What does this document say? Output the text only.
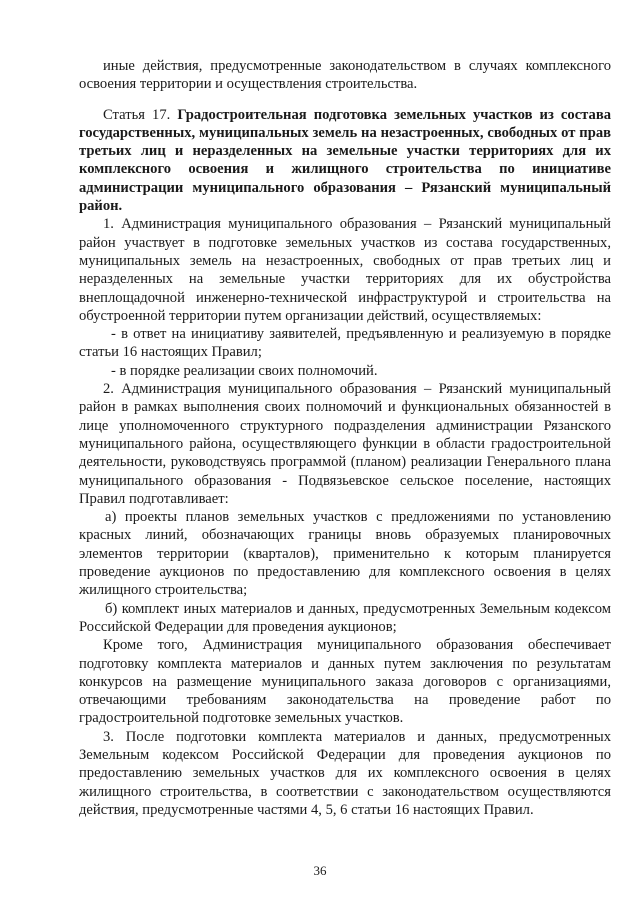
иные действия, предусмотренные законодательством в случаях комплексного освоения территории и осуществления строительства.

Статья 17. Градостроительная подготовка земельных участков из состава государственных, муниципальных земель на незастроенных, свободных от прав третьих лиц и неразделенных на земельные участки территориях для их комплексного освоения и жилищного строительства по инициативе администрации муниципального образования – Рязанский муниципальный район.

1. Администрация муниципального образования – Рязанский муниципальный район участвует в подготовке земельных участков из состава государственных, муниципальных земель на незастроенных, свободных от прав третьих лиц и неразделенных на земельные участки территориях для их обустройства внеплощадочной инженерно-технической инфраструктурой и строительства на обустроенной территории путем организации действий, осуществляемых:

- в ответ на инициативу заявителей, предъявленную и реализуемую в порядке статьи 16 настоящих Правил;

- в порядке реализации своих полномочий.

2. Администрация муниципального образования – Рязанский муниципальный район в рамках выполнения своих полномочий и функциональных обязанностей в лице уполномоченного структурного подразделения администрации Рязанского муниципального района, осуществляющего функции в области градостроительной деятельности, руководствуясь программой (планом) реализации Генерального плана муниципального образования - Подвязьевское сельское поселение, настоящих Правил подготавливает:

а) проекты планов земельных участков с предложениями по установлению красных линий, обозначающих границы вновь образуемых планировочных элементов территории (кварталов), применительно к которым планируется проведение аукционов по предоставлению для комплексного освоения в целях жилищного строительства;

б) комплект иных материалов и данных, предусмотренных Земельным кодексом Российской Федерации для проведения аукционов;

Кроме того, Администрация муниципального образования обеспечивает подготовку комплекта материалов и данных путем заключения по результатам конкурсов на размещение муниципального заказа договоров с организациями, отвечающими требованиям законодательства на проведение работ по градостроительной подготовке земельных участков.

3. После подготовки комплекта материалов и данных, предусмотренных Земельным кодексом Российской Федерации для проведения аукционов по предоставлению земельных участков для их комплексного освоения в целях жилищного строительства, в соответствии с законодательством осуществляются действия, предусмотренные частями 4, 5, 6 статьи 16 настоящих Правил.

36
